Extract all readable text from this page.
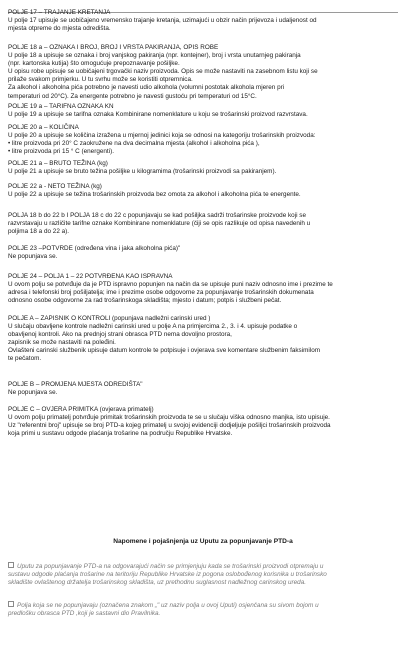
POLJE 17 – TRAJANJE KRETANJA

U polje 17 upisuje se uobičajeno vremensko trajanje kretanja, uzimajući u obzir način prijevoza i udaljenost od

mjesta otpreme do mjesta odredišta.

POLJE 18 a – OZNAKA I BROJ, BROJ I VRSTA PAKIRANJA, OPIS ROBE

U polje 18 a upisuje se oznaka i broj vanjskog pakiranja (npr. kontejner), broj i vrsta unutarnjeg pakiranja

(npr. kartonska kutija) što omogućuje prepoznavanje pošiljke.

U opisu robe upisuje se uobičajeni trgovački naziv proizvoda. Opis se može nastaviti na zasebnom listu koji se

prilaže svakom primjerku. U tu svrhu može se koristiti otpremnica.

Za alkohol i alkoholna pića potrebno je navesti udio alkohola (volumni postotak alkohola mjeren pri

temperaturi od 20°C). Za energente potrebno je navesti gustoću pri temperaturi od 15°C.

POLJE 19 a – TARIFNA OZNAKA KN

U polje 19 a upisuje se tarifna oznaka Kombinirane nomenklature u koju se trošarinski proizvod razvrstava.

POLJE 20 a – KOLIČINA

U polje 20 a upisuje se količina izražena u mjernoj jedinici koja se odnosi na kategoriju trošarinskih proizvoda:

• litre proizvoda pri 20° C zaokružene na dva decimalna mjesta (alkohol i alkoholna pića ),

• litre proizvoda pri 15 ° C (energenti).

POLJE 21 a – BRUTO TEŽINA (kg)

U polje 21 a upisuje se bruto težina pošiljke u kilogramima (trošarinski proizvodi sa pakiranjem).

POLJE 22 a - NETO TEŽINA (kg)

U polje 22 a upisuje se težina trošarinskih proizvoda bez omota za alkohol i alkoholna pića te energente.

POLJA 18 b do 22 b I POLJA 18 c do 22 c popunjavaju se kad pošiljka sadrži trošarinske proizvode koji se

razvrstavaju u različite tarifne oznake Kombinirane nomenklature (čiji se opis razlikuje od opisa navedenih u

poljima 18 a do 22 a).

POLJE 23 –POTVRDE (određena vina i jaka alkoholna pića)"

Ne popunjava se.

POLJE 24 – POLJA 1 – 22 POTVRĐENA KAO ISPRAVNA

U ovom polju se potvrđuje da je PTD ispravno popunjen na način da se upisuje puni naziv odnosno ime i prezime te

adresa i telefonski broj pošiljatelja; ime i prezime osobe odgovorne za popunjavanje trošarinskih dokumenata

odnosno osobe odgovorne za rad trošarinskoga skladišta; mjesto i datum; potpis i službeni pečat.

POLJE A – ZAPISNIK O KONTROLI (popunjava nadležni carinski ured )

U slučaju obavljene kontrole nadležni carinski ured u polje A na primjercima 2., 3. i 4. upisuje podatke o

obavljenoj kontroli. Ako na prednjoj strani obrasca PTD nema dovoljno prostora,

zapisnik se može nastaviti na poleđini.

Ovlašteni carinski službenik upisuje datum kontrole te potpisuje i ovjerava sve komentare službenim faksimilom

te pečatom.

POLJE B – PROMJENA MJESTA ODREDIŠTA"

Ne popunjava se.

POLJE C – OVJERA PRIMITKA (ovjerava primatelj)

U ovom polju primatelj potvrđuje primitak trošarinskih proizvoda te se u slučaju viška odnosno manjka, isto upisuje.

Uz "referentni broj" upisuje se broj PTD-a kojeg primatelj u svojoj evidenciji dodjeljuje pošiljci trošarinskih proizvoda

koja primi u sustavu odgode plaćanja trošarine na području Republike Hrvatske.

Napomene i pojašnjenja uz Uputu za popunjavanje PTD-a

Uputu za popunjavanje PTD-a na odgovarajući način se primjenjuju kada se trošarinski proizvodi otpremaju u

sustavu odgode plaćanja trošarine na teritoriju Republike Hrvatske iz pogona oslobođenog korisnika u trošarinsko

skladište ovlaštenog držatelja trošarinskog skladišta, uz prethodnu suglasnost nadležnog carinskog ureda.

Polja koja se ne popunjavaju (označena znakom „" uz naziv polja u ovoj Uputi) osjenčana su sivom bojom u

predlošku obrasca PTD ,koji je sastavni dio Pravilnika.
